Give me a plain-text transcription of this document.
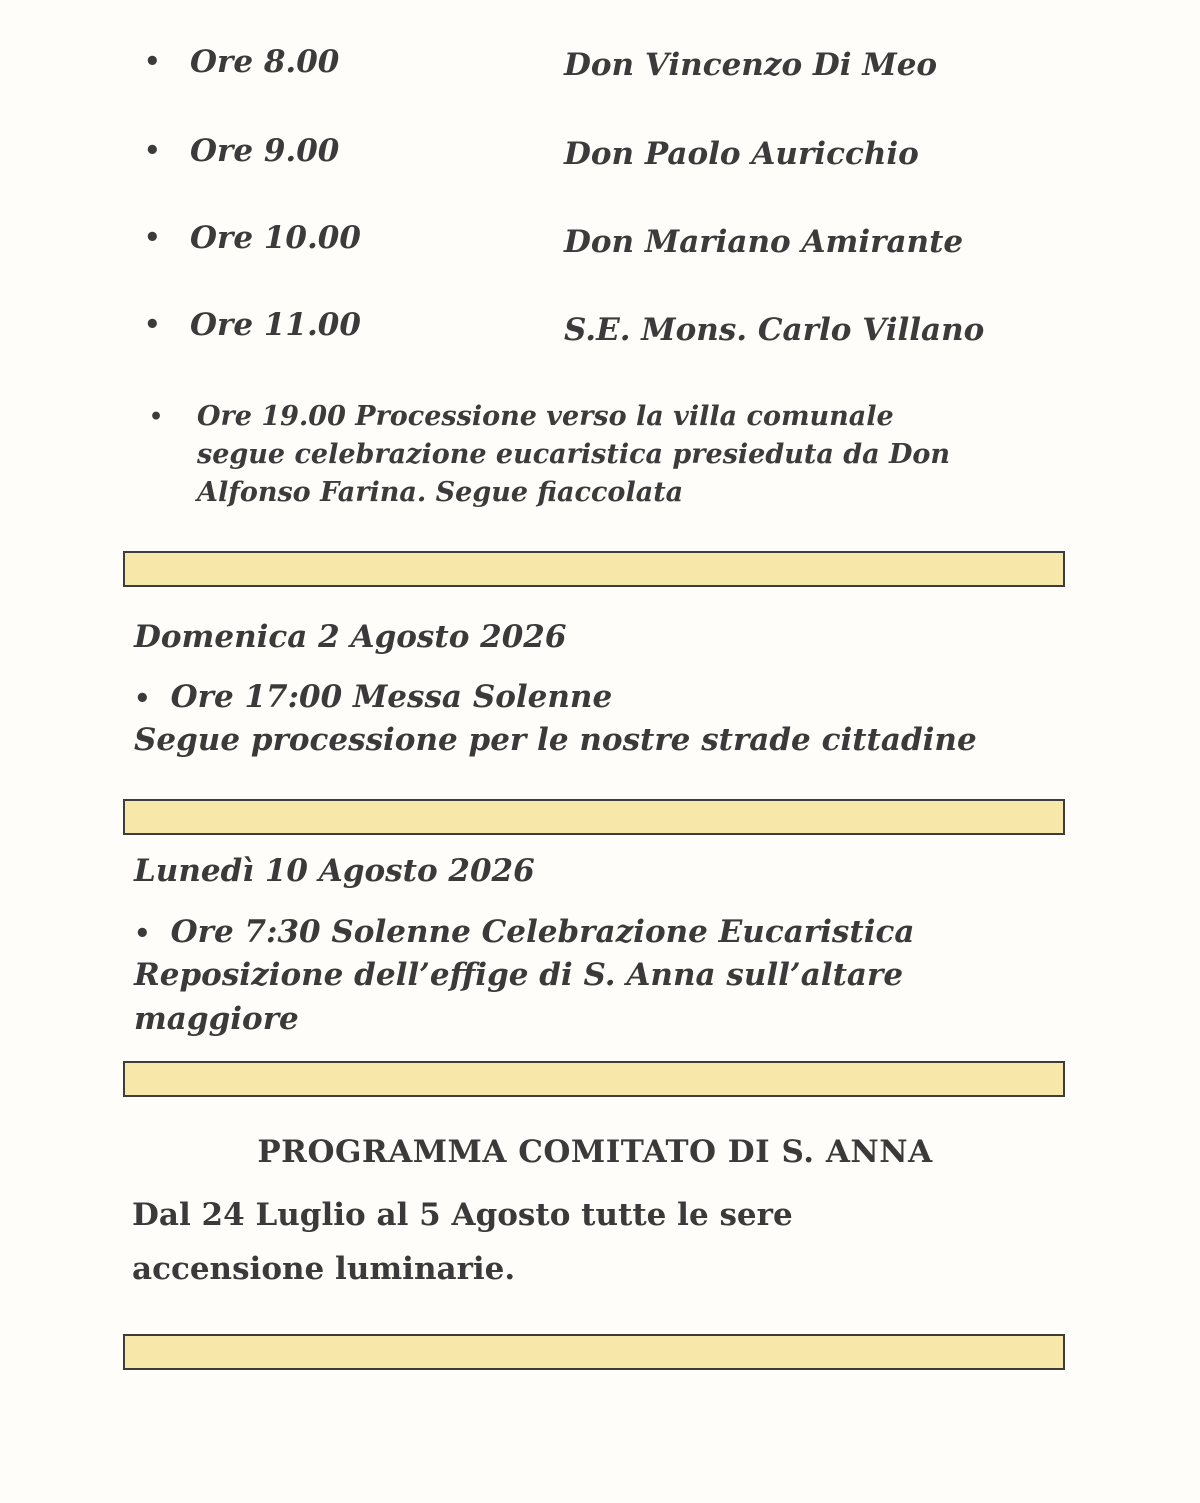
• Ore 8.00	Don Vincenzo Di Meo
• Ore 9.00	Don Paolo Auricchio
• Ore 10.00	Don Mariano Amirante
• Ore 11.00	S.E. Mons. Carlo Villano
• Ore 19.00 Processione verso la villa comunale
segue celebrazione eucaristica presieduta da Don
Alfonso Farina. Segue fiaccolata
Domenica 2 Agosto 2026
• Ore 17:00 Messa Solenne
Segue processione per le nostre strade cittadine
Lunedì 10 Agosto 2026
• Ore 7:30 Solenne Celebrazione Eucaristica
Reposizione dell’effige di S. Anna sull’altare
maggiore
PROGRAMMA COMITATO DI S. ANNA
Dal 24 Luglio al 5 Agosto tutte le sere
accensione luminarie.
